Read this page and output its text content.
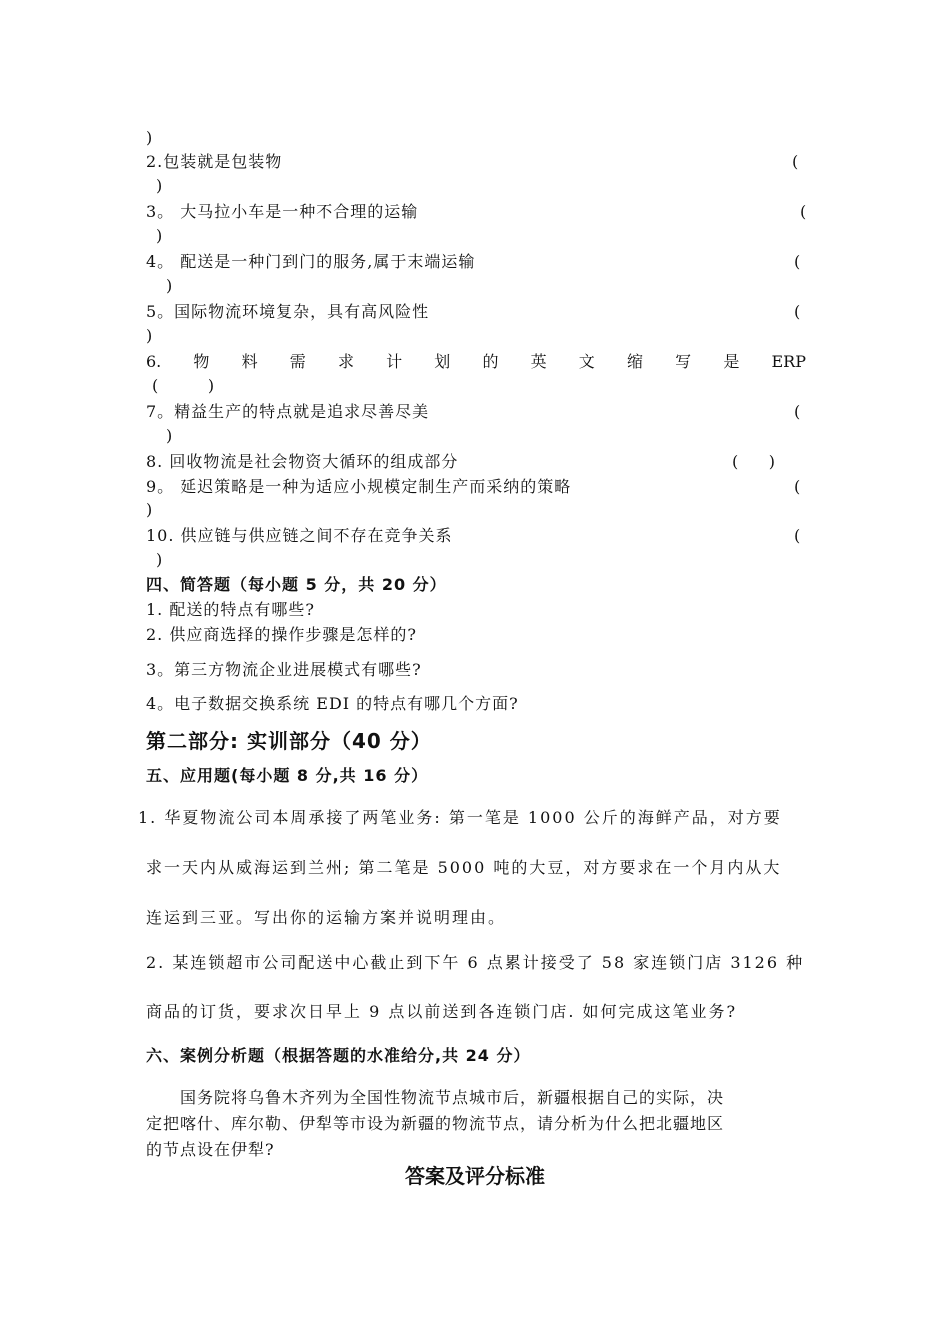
)
2.包装就是包装物	(
)
3。 大马拉小车是一种不合理的运输	(
)
4。 配送是一种门到门的服务,属于末端运输	(
)
5。国际物流环境复杂，具有高风险性	(
)
6. 物 料 需 求 计 划 的 英 文 缩 写 是 ERP
(        )
7。精益生产的特点就是追求尽善尽美	(
)
8. 回收物流是社会物资大循环的组成部分	(      )
9。 延迟策略是一种为适应小规模定制生产而采纳的策略	(
)
10. 供应链与供应链之间不存在竞争关系	(
)
四、简答题（每小题 5 分，共 20 分）
1. 配送的特点有哪些?
2. 供应商选择的操作步骤是怎样的?
3。第三方物流企业进展模式有哪些?
4。电子数据交换系统 EDI 的特点有哪几个方面?
第二部分: 实训部分（40 分）
五、应用题(每小题 8 分,共 16 分）
1. 华夏物流公司本周承接了两笔业务: 第一笔是 1000 公斤的海鲜产品，对方要
求一天内从威海运到兰州; 第二笔是 5000 吨的大豆，对方要求在一个月内从大
连运到三亚。写出你的运输方案并说明理由。
2. 某连锁超市公司配送中心截止到下午 6 点累计接受了 58 家连锁门店 3126 种
商品的订货，要求次日早上 9 点以前送到各连锁门店. 如何完成这笔业务?
六、案例分析题（根据答题的水准给分,共 24 分）
国务院将乌鲁木齐列为全国性物流节点城市后，新疆根据自己的实际，决
定把喀什、库尔勒、伊犁等市设为新疆的物流节点，请分析为什么把北疆地区
的节点设在伊犁?
答案及评分标准
